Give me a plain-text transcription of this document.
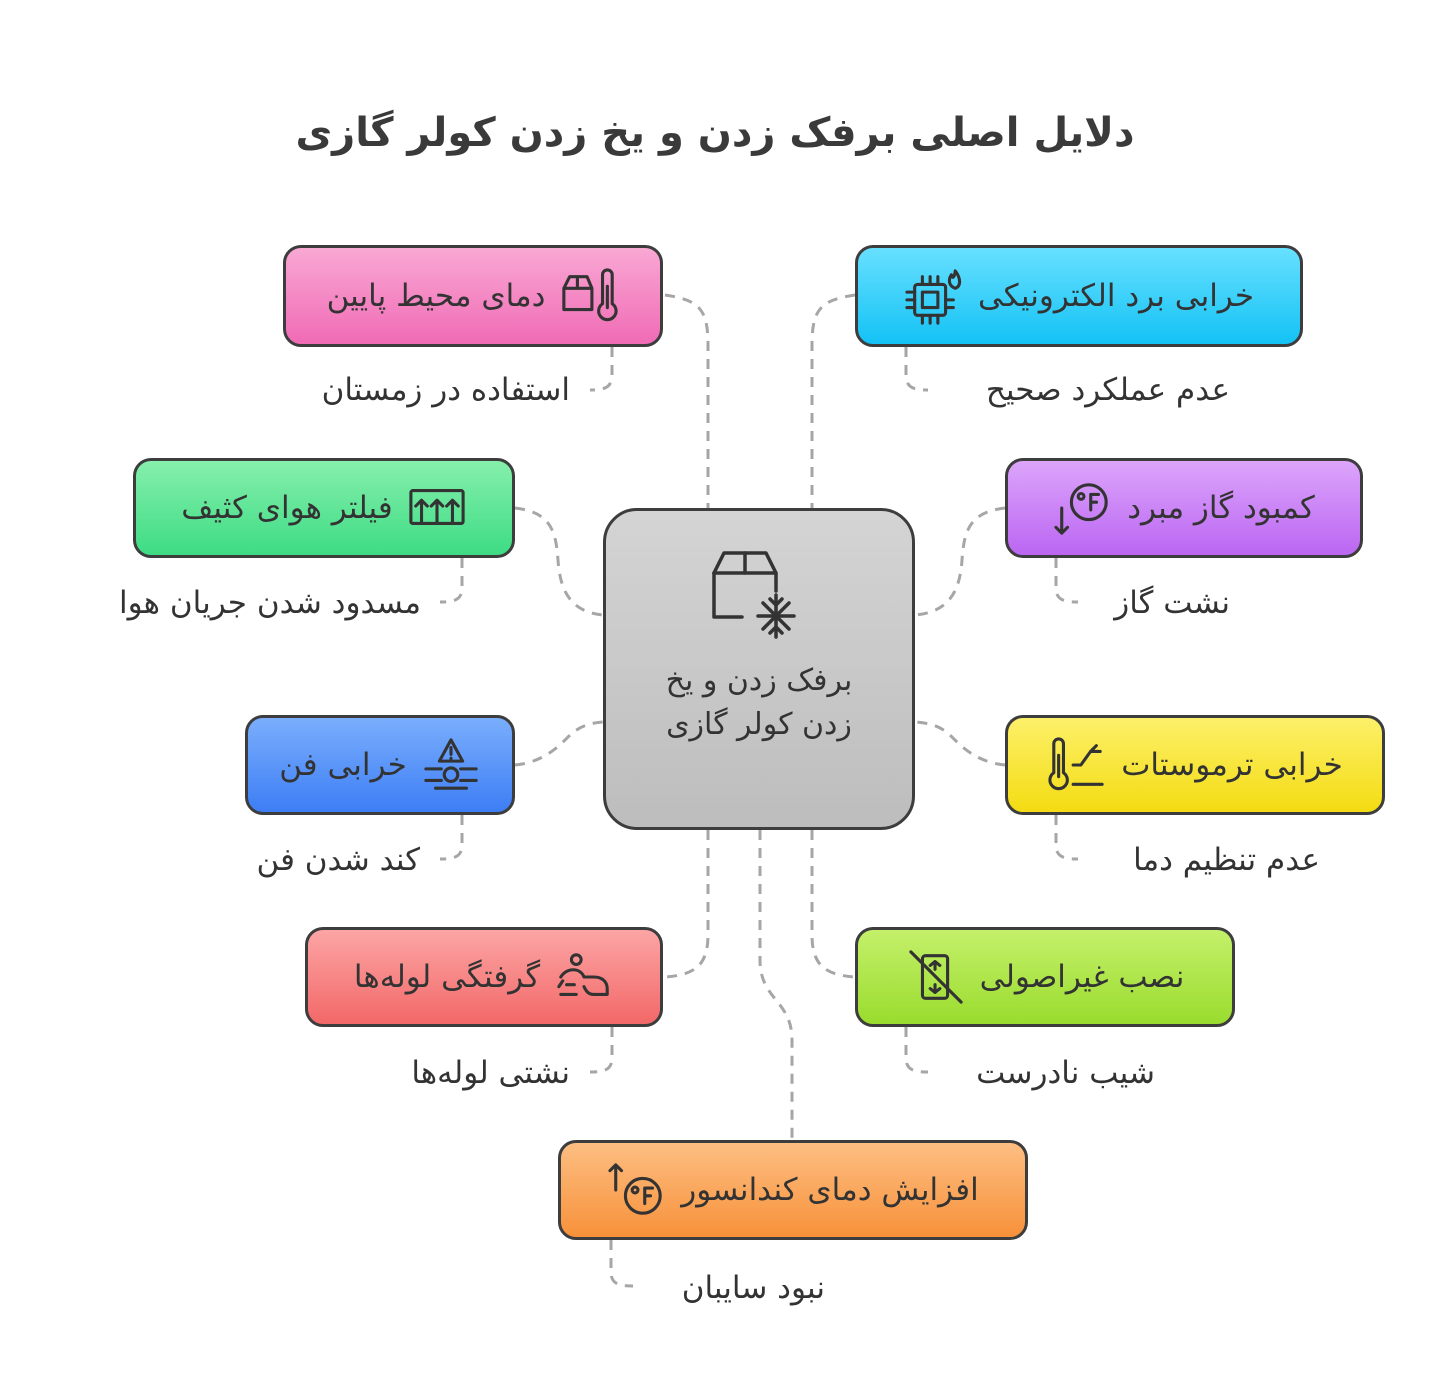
دلایل اصلی برفک زدن و یخ زدن کولر گازی
برفک زدن و یخ زدن کولر گازی
دمای محیط پایین
استفاده در زمستان
فیلتر هوای کثیف
مسدود شدن جریان هوا
خرابی فن
کند شدن فن
گرفتگی لوله‌ها
نشتی لوله‌ها
خرابی برد الکترونیکی
عدم عملکرد صحیح
کمبود گاز مبرد
نشت گاز
خرابی ترموستات
عدم تنظیم دما
نصب غیراصولی
شیب نادرست
افزایش دمای کندانسور
نبود سایبان
